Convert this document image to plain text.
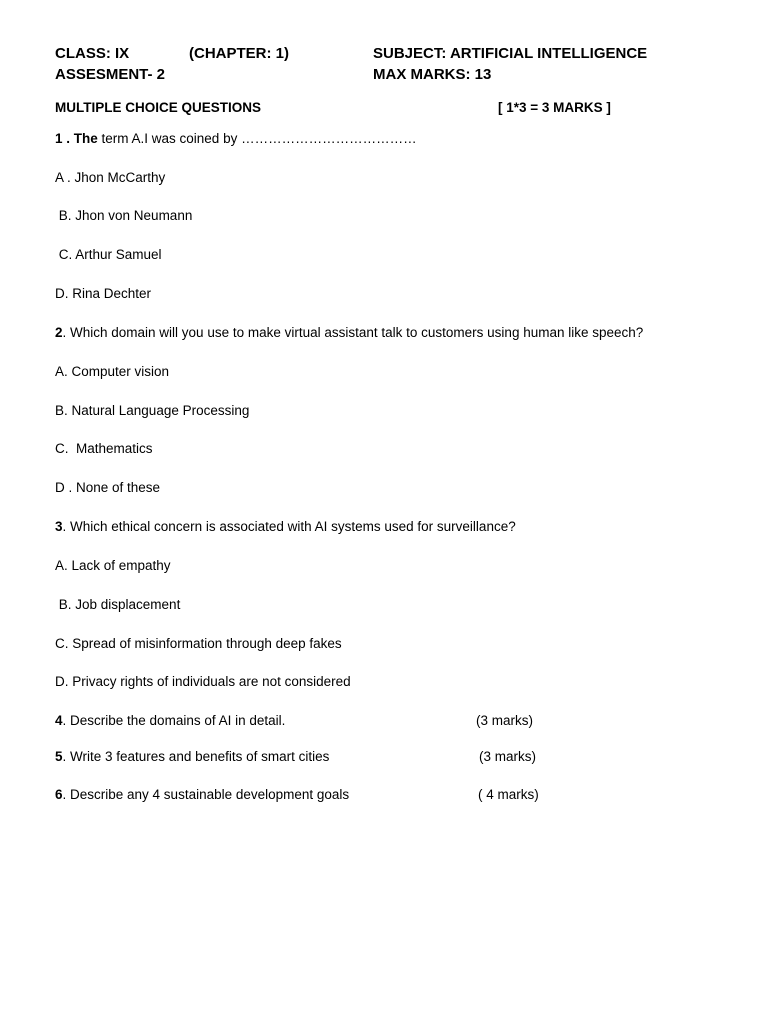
CLASS: IX	(CHAPTER: 1)	SUBJECT: ARTIFICIAL INTELLIGENCE
ASSESMENT- 2	MAX MARKS: 13
MULTIPLE CHOICE QUESTIONS	[ 1*3 = 3 MARKS ]
1 . The term A.I was coined by …………………………………
A . Jhon McCarthy
B. Jhon von Neumann
C. Arthur Samuel
D. Rina Dechter
2. Which domain will you use to make virtual assistant talk to customers using human like speech?
A. Computer vision
B. Natural Language Processing
C.  Mathematics
D . None of these
3. Which ethical concern is associated with AI systems used for surveillance?
A. Lack of empathy
B. Job displacement
C. Spread of misinformation through deep fakes
D. Privacy rights of individuals are not considered
4. Describe the domains of AI in detail.	(3 marks)
5. Write 3 features and benefits of smart cities	(3 marks)
6. Describe any 4 sustainable development goals	( 4 marks)
